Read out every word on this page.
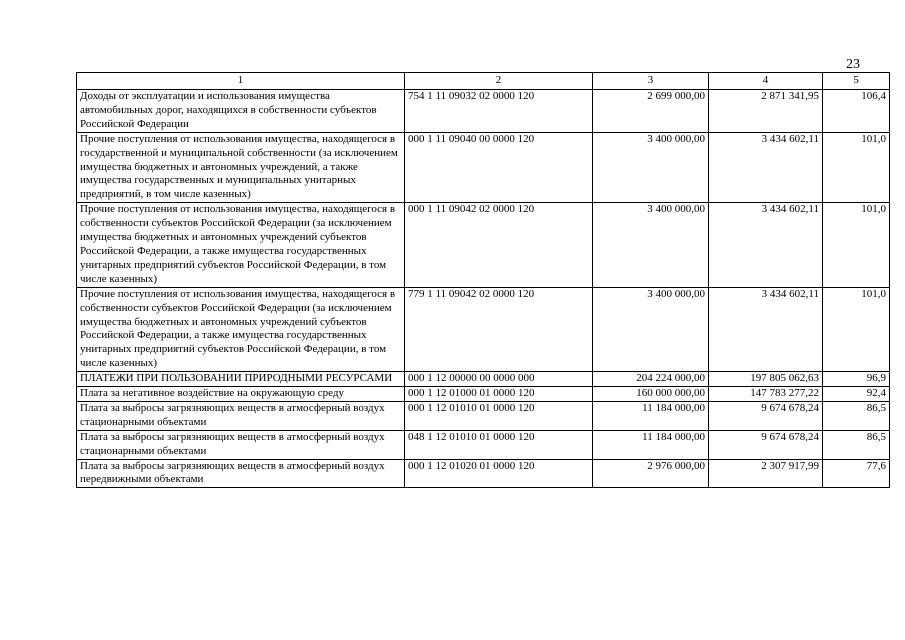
23
1	2	3	4	5
Доходы от эксплуатации и использования имущества автомобильных дорог, находящихся в собственности субъектов Российской Федерации	754 1 11 09032 02 0000 120	2 699 000,00	2 871 341,95	106,4
Прочие поступления от использования имущества, находящегося в государственной и муниципальной собственности (за исключением имущества бюджетных и автономных учреждений, а также имущества государственных и муниципальных унитарных предприятий, в том числе казенных)	000 1 11 09040 00 0000 120	3 400 000,00	3 434 602,11	101,0
Прочие поступления от использования имущества, находящегося в собственности субъектов Российской Федерации (за исключением имущества бюджетных и автономных учреждений субъектов Российской Федерации, а также имущества государственных унитарных предприятий субъектов Российской Федерации, в том числе казенных)	000 1 11 09042 02 0000 120	3 400 000,00	3 434 602,11	101,0
Прочие поступления от использования имущества, находящегося в собственности субъектов Российской Федерации (за исключением имущества бюджетных и автономных учреждений субъектов Российской Федерации, а также имущества государственных унитарных предприятий субъектов Российской Федерации, в том числе казенных)	779 1 11 09042 02 0000 120	3 400 000,00	3 434 602,11	101,0
ПЛАТЕЖИ ПРИ ПОЛЬЗОВАНИИ ПРИРОДНЫМИ РЕСУРСАМИ	000 1 12 00000 00 0000 000	204 224 000,00	197 805 062,63	96,9
Плата за негативное воздействие на окружающую среду	000 1 12 01000 01 0000 120	160 000 000,00	147 783 277,22	92,4
Плата за выбросы загрязняющих веществ в атмосферный воздух стационарными объектами	000 1 12 01010 01 0000 120	11 184 000,00	9 674 678,24	86,5
Плата за выбросы загрязняющих веществ в атмосферный воздух стационарными объектами	048 1 12 01010 01 0000 120	11 184 000,00	9 674 678,24	86,5
Плата за выбросы загрязняющих веществ в атмосферный воздух передвижными объектами	000 1 12 01020 01 0000 120	2 976 000,00	2 307 917,99	77,6
